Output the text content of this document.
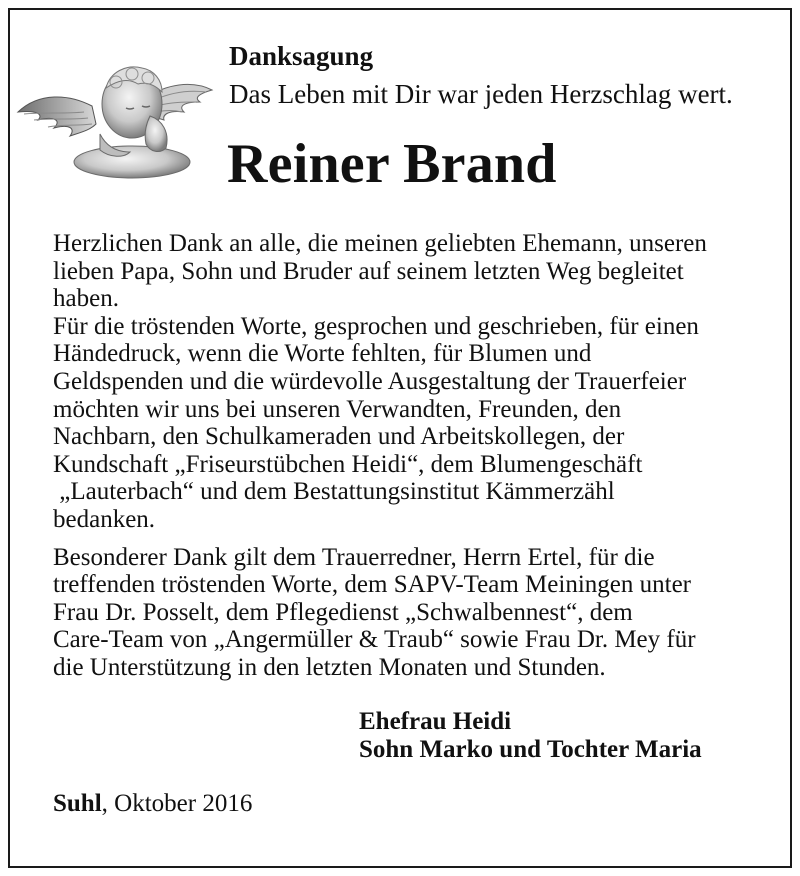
Danksagung
Das Leben mit Dir war jeden Herzschlag wert.
Reiner Brand

Herzlichen Dank an alle, die meinen geliebten Ehemann, unseren
lieben Papa, Sohn und Bruder auf seinem letzten Weg begleitet
haben.
Für die tröstenden Worte, gesprochen und geschrieben, für einen
Händedruck, wenn die Worte fehlten, für Blumen und
Geldspenden und die würdevolle Ausgestaltung der Trauerfeier
möchten wir uns bei unseren Verwandten, Freunden, den
Nachbarn, den Schulkameraden und Arbeitskollegen, der
Kundschaft „Friseurstübchen Heidi“, dem Blumengeschäft
„Lauterbach“ und dem Bestattungsinstitut Kämmerzähl
bedanken.

Besonderer Dank gilt dem Trauerredner, Herrn Ertel, für die
treffenden tröstenden Worte, dem SAPV-Team Meiningen unter
Frau Dr. Posselt, dem Pflegedienst „Schwalbennest“, dem
Care-Team von „Angermüller & Traub“ sowie Frau Dr. Mey für
die Unterstützung in den letzten Monaten und Stunden.

Ehefrau Heidi
Sohn Marko und Tochter Maria
Suhl, Oktober 2016
